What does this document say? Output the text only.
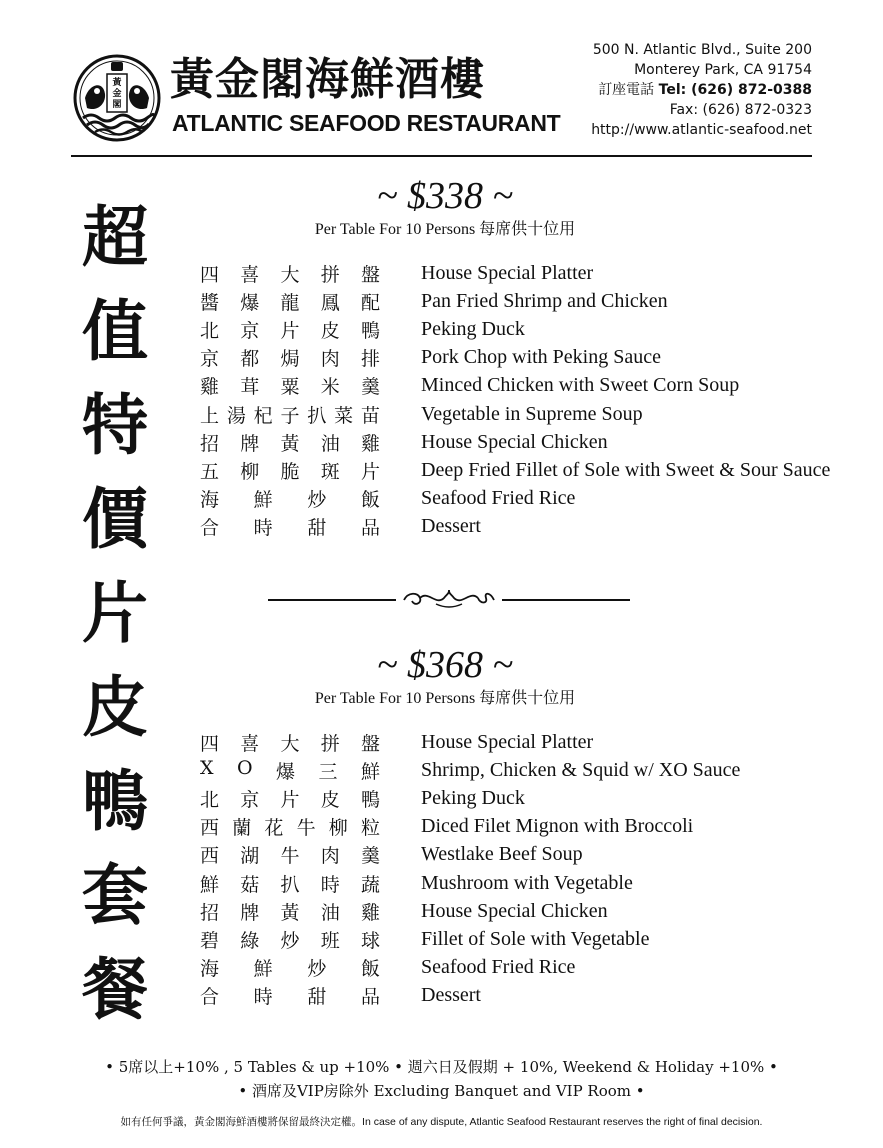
黃
金
閣 黃金閣海鮮酒樓
ATLANTIC SEAFOOD RESTAURANT
500 N. Atlantic Blvd., Suite 200
Monterey Park, CA 91754
訂座電話 Tel: (626) 872-0388
Fax: (626) 872-0323
http://www.atlantic-seafood.net
超
值
特
價
片
皮
鴨
套
餐
~ $338 ~
Per Table For 10 Persons 每席供十位用
四 喜 大 拼 盤 House Special Platter
醬 爆 龍 鳳 配 Pan Fried Shrimp and Chicken
北 京 片 皮 鴨 Peking Duck
京 都 焗 肉 排 Pork Chop with Peking Sauce
雞 茸 粟 米 羹 Minced Chicken with Sweet Corn Soup
上 湯 杞 子 扒 菜 苗 Vegetable in Supreme Soup
招 牌 黃 油 雞 House Special Chicken
五 柳 脆 斑 片 Deep Fried Fillet of Sole with Sweet & Sour Sauce
海 鮮 炒 飯 Seafood Fried Rice
合 時 甜 品 Dessert
~ $368 ~
Per Table For 10 Persons 每席供十位用
四 喜 大 拼 盤 House Special Platter
X O 爆 三 鮮 Shrimp, Chicken & Squid w/ XO Sauce
北 京 片 皮 鴨 Peking Duck
西 蘭 花 牛 柳 粒 Diced Filet Mignon with Broccoli
西 湖 牛 肉 羹 Westlake Beef Soup
鮮 菇 扒 時 蔬 Mushroom with Vegetable
招 牌 黃 油 雞 House Special Chicken
碧 綠 炒 班 球 Fillet of Sole with Vegetable
海 鮮 炒 飯 Seafood Fried Rice
合 時 甜 品 Dessert
• 5席以上+10% , 5 Tables & up +10% • 週六日及假期 + 10%, Weekend & Holiday +10% •
• 酒席及VIP房除外 Excluding Banquet and VIP Room •
如有任何爭議，黃金閣海鮮酒樓將保留最終決定權。In case of any dispute, Atlantic Seafood Restaurant reserves the right of final decision.
